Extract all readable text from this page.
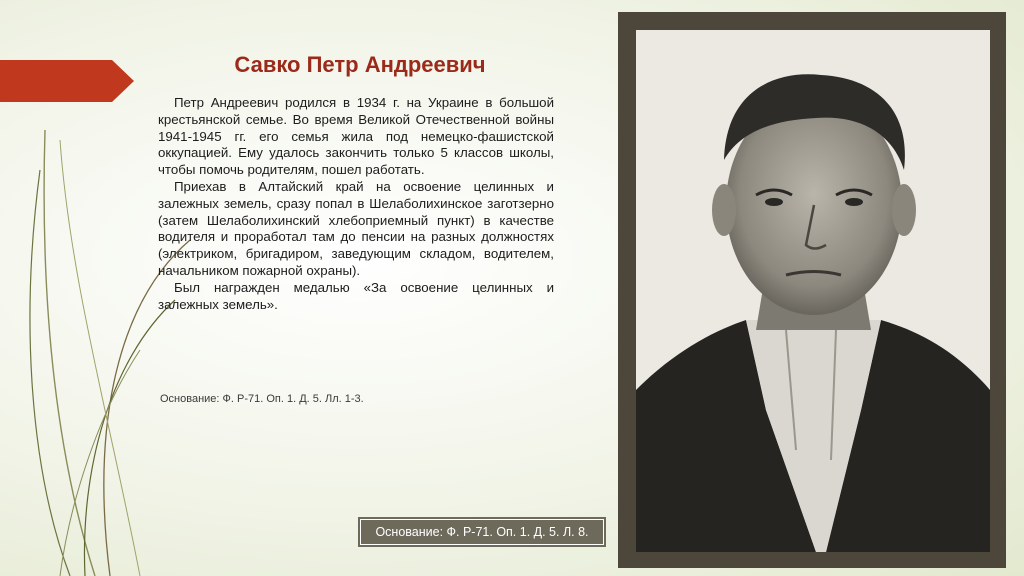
Савко Петр Андреевич

Петр Андреевич родился в 1934 г. на Украине в большой крестьянской семье. Во время Великой Отечественной войны 1941-1945 гг. его семья жила под немецко-фашистской оккупацией. Ему удалось закончить только 5 классов школы, чтобы помочь родителям, пошел работать.

Приехав в Алтайский край на освоение целинных и залежных земель, сразу попал в Шелаболихинское заготзерно (затем Шелаболихинский хлебоприемный пункт) в качестве водителя и проработал там до пенсии на разных должностях (электриком, бригадиром, заведующим складом, водителем, начальником пожарной охраны).

Был награжден медалью «За освоение целинных и залежных земель».

Основание: Ф. Р-71. Оп. 1. Д. 5. Лл. 1-3.
Основание: Ф. Р-71. Оп. 1. Д. 5. Л. 8.
